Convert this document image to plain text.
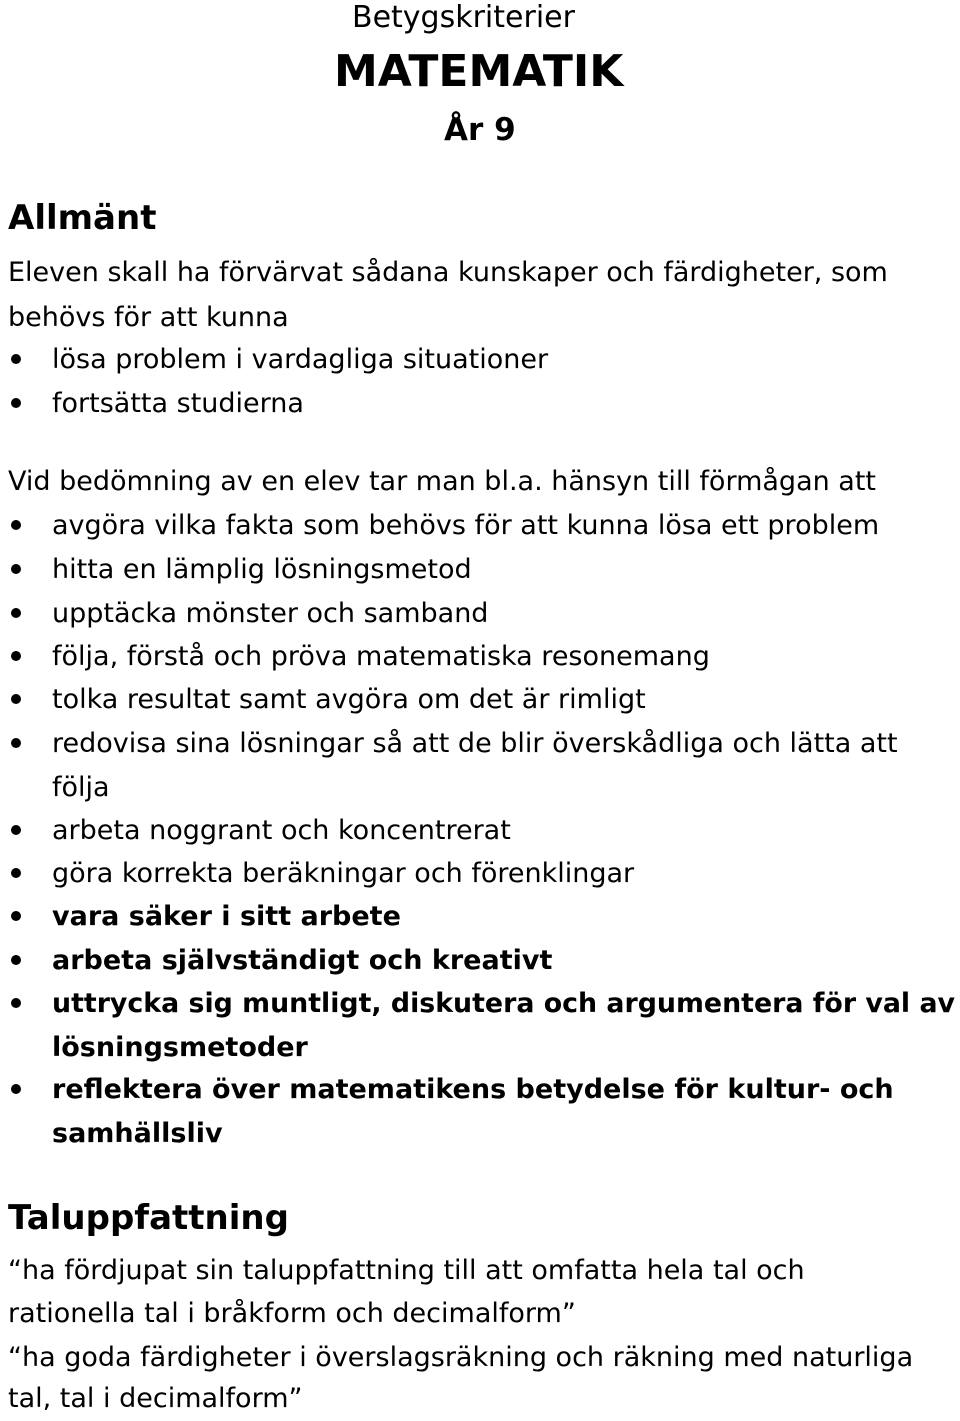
Betygskriterier
MATEMATIK
År 9
Allmänt
Eleven skall ha förvärvat sådana kunskaper och färdigheter, som
behövs för att kunna
lösa problem i vardagliga situationer
fortsätta studierna
Vid bedömning av en elev tar man bl.a. hänsyn till förmågan att
avgöra vilka fakta som behövs för att kunna lösa ett problem
hitta en lämplig lösningsmetod
upptäcka mönster och samband
följa, förstå och pröva matematiska resonemang
tolka resultat samt avgöra om det är rimligt
redovisa sina lösningar så att de blir överskådliga och lätta att
följa
arbeta noggrant och koncentrerat
göra korrekta beräkningar och förenklingar
vara säker i sitt arbete
arbeta självständigt och kreativt
uttrycka sig muntligt, diskutera och argumentera för val av
lösningsmetoder
reflektera över matematikens betydelse för kultur- och
samhällsliv
Taluppfattning
“ha fördjupat sin taluppfattning till att omfatta hela tal och
rationella tal i bråkform och decimalform”
“ha goda färdigheter i överslagsräkning och räkning med naturliga
tal, tal i decimalform”
